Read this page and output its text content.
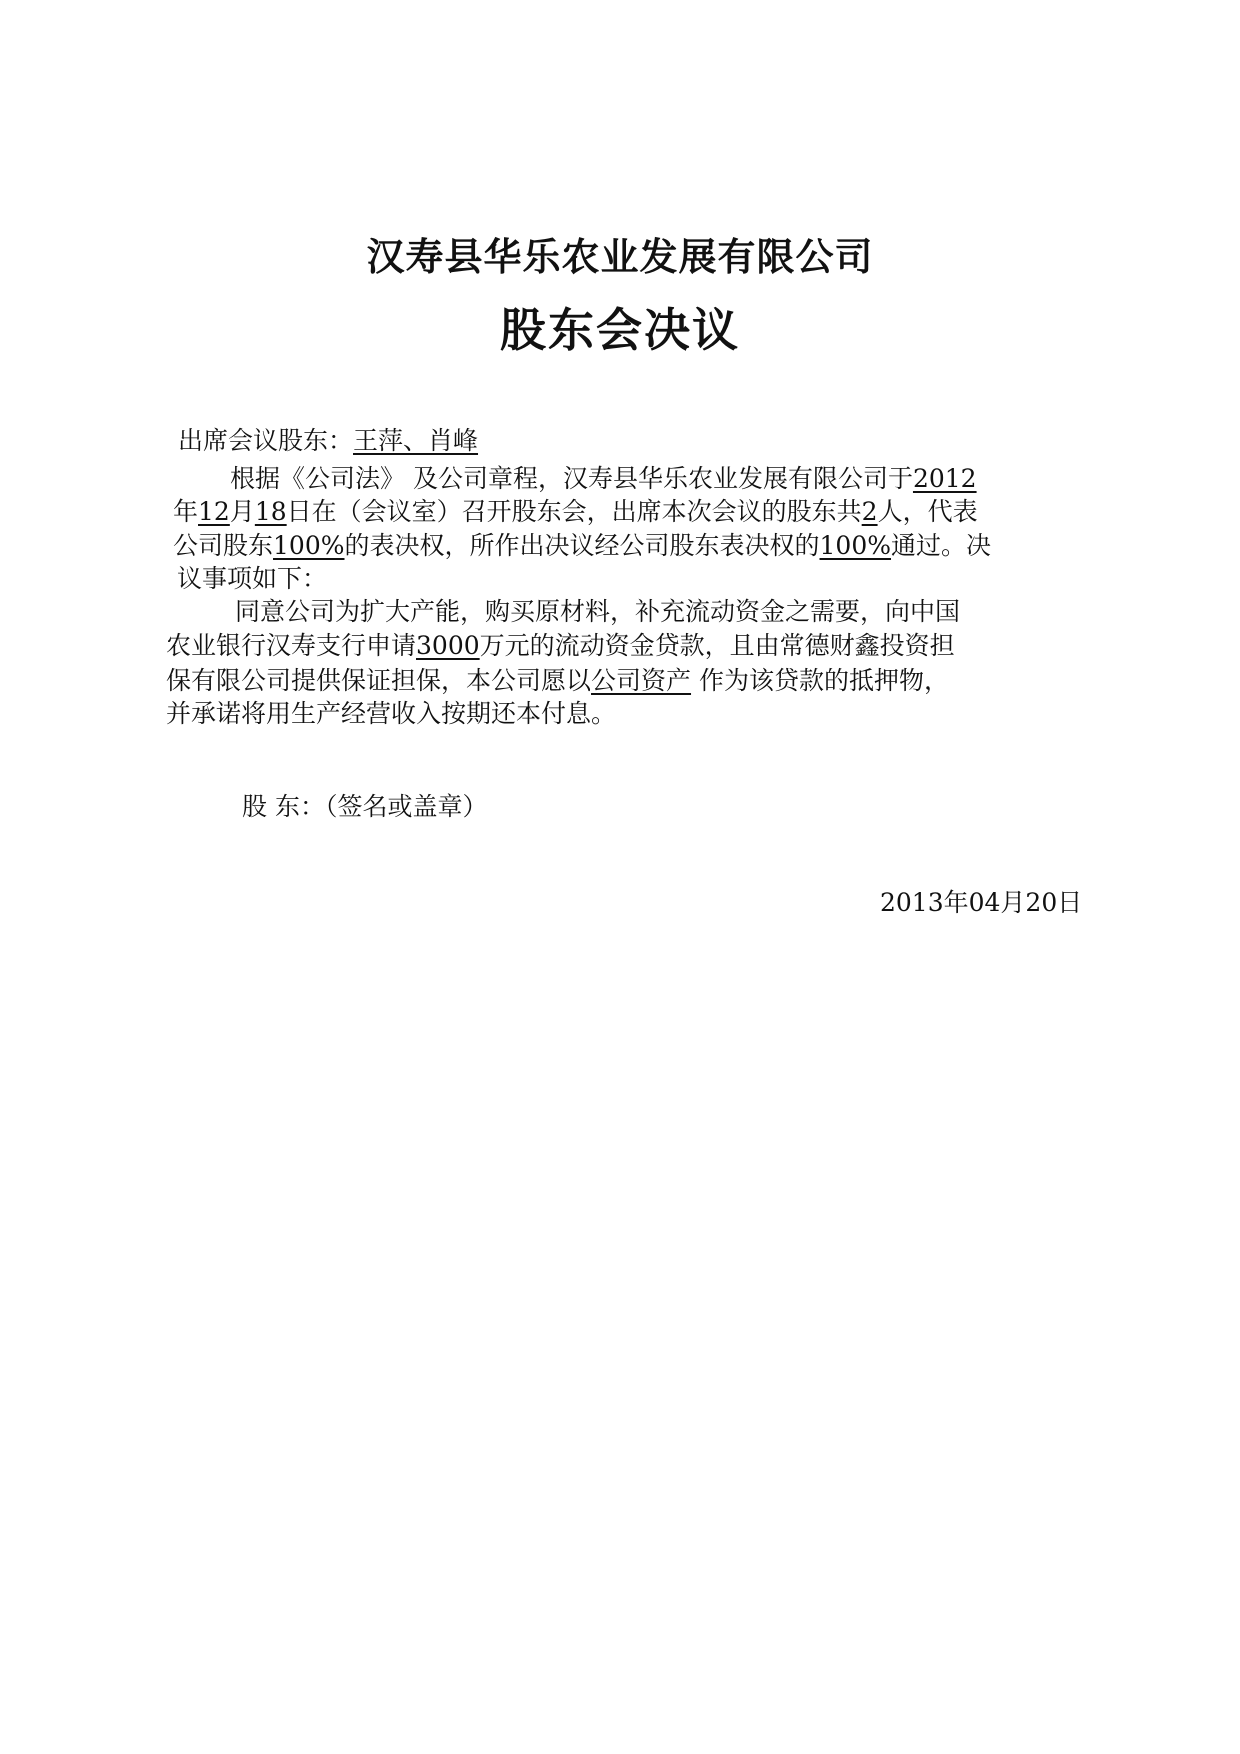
汉寿县华乐农业发展有限公司
股东会决议
出席会议股东：王萍、肖峰
根据《公司法》 及公司章程，汉寿县华乐农业发展有限公司于2012
年12月18日在（会议室）召开股东会，出席本次会议的股东共2人，代表
公司股东100%的表决权，所作出决议经公司股东表决权的100%通过。决
议事项如下：
同意公司为扩大产能，购买原材料，补充流动资金之需要，向中国
农业银行汉寿支行申请3000万元的流动资金贷款，且由常德财鑫投资担
保有限公司提供保证担保，本公司愿以公司资产 作为该贷款的抵押物，
并承诺将用生产经营收入按期还本付息。
股 东：（签名或盖章）
2013年04月20日
